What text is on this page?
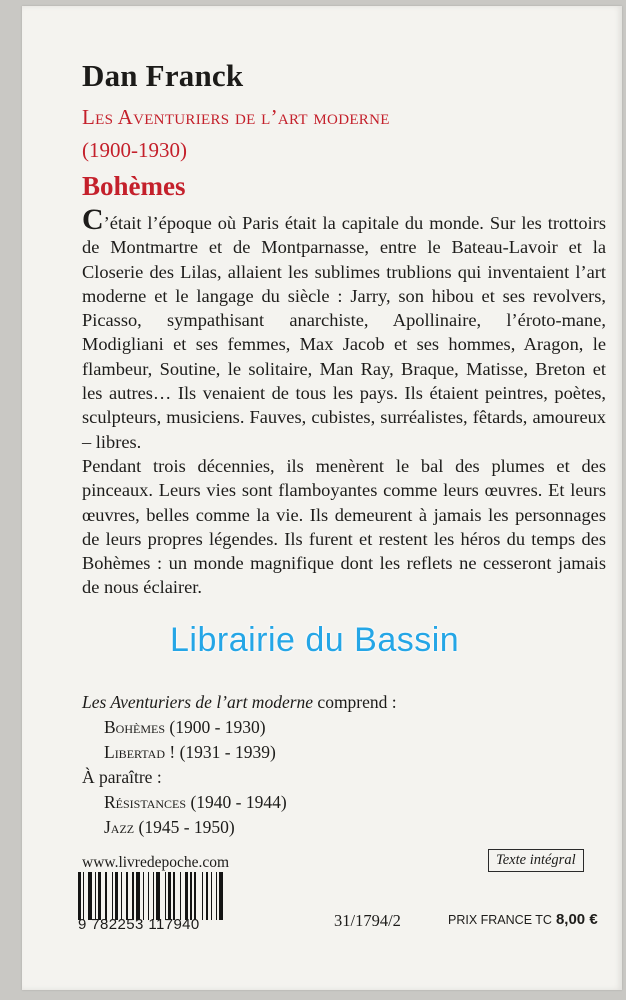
Dan Franck
Les Aventuriers de l’art moderne
(1900-1930)
Bohèmes

C’était l’époque où Paris était la capitale du monde. Sur les trottoirs de Montmartre et de Montparnasse, entre le Bateau-Lavoir et la Closerie des Lilas, allaient les sublimes trublions qui inventaient l’art moderne et le langage du siècle : Jarry, son hibou et ses revolvers, Picasso, sympathisant anarchiste, Apollinaire, l’éroto-mane, Modigliani et ses femmes, Max Jacob et ses hommes, Aragon, le flambeur, Soutine, le solitaire, Man Ray, Braque, Matisse, Breton et les autres… Ils venaient de tous les pays. Ils étaient peintres, poètes, sculpteurs, musiciens. Fauves, cubistes, surréalistes, fêtards, amoureux – libres.

Pendant trois décennies, ils menèrent le bal des plumes et des pinceaux. Leurs vies sont flamboyantes comme leurs œuvres. Et leurs œuvres, belles comme la vie. Ils demeurent à jamais les personnages de leurs propres légendes. Ils furent et restent les héros du temps des Bohèmes : un monde magnifique dont les reflets ne cesseront jamais de nous éclairer.

Librairie du Bassin
Les Aventuriers de l’art moderne comprend :
Bohèmes (1900 - 1930)
Libertad ! (1931 - 1939)
À paraître :
Résistances (1940 - 1944)
Jazz (1945 - 1950)
www.livredepoche.com	Texte intégral
9 782253 117940	31/1794/2	PRIX FRANCE TC 8,00 €
